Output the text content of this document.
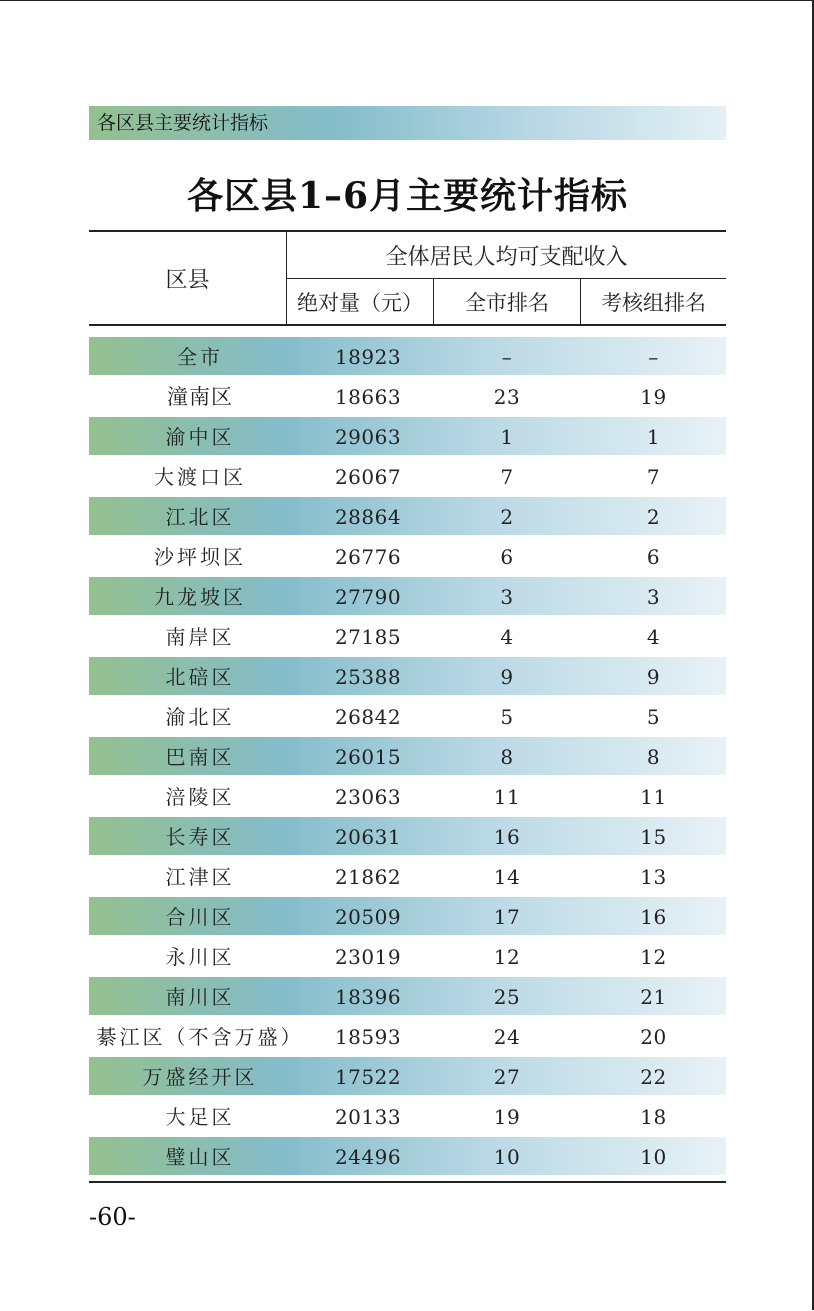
各区县主要统计指标
各区县1–6月主要统计指标
区县
全体居民人均可支配收入
绝对量（元）	全市排名	考核组排名
全市	18923	–	–
潼南区	18663	23	19
渝中区	29063	1	1
大渡口区	26067	7	7
江北区	28864	2	2
沙坪坝区	26776	6	6
九龙坡区	27790	3	3
南岸区	27185	4	4
北碚区	25388	9	9
渝北区	26842	5	5
巴南区	26015	8	8
涪陵区	23063	11	11
长寿区	20631	16	15
江津区	21862	14	13
合川区	20509	17	16
永川区	23019	12	12
南川区	18396	25	21
綦江区（不含万盛）	18593	24	20
万盛经开区	17522	27	22
大足区	20133	19	18
璧山区	24496	10	10
-60-
